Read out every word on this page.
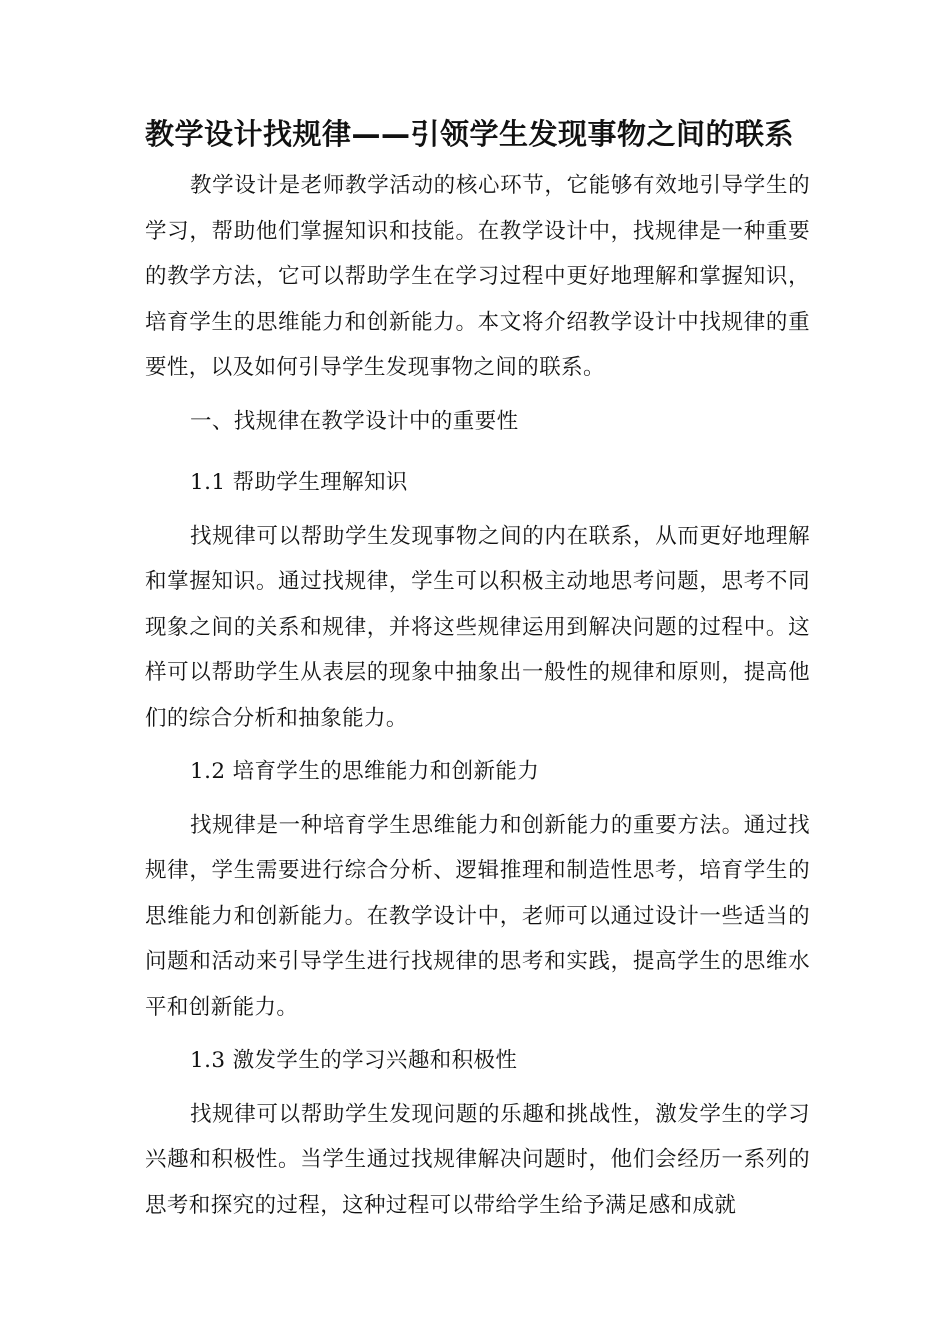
教学设计找规律——引领学生发现事物之间的联系

教学设计是老师教学活动的核心环节，它能够有效地引导学生的学习，帮助他们掌握知识和技能。在教学设计中，找规律是一种重要的教学方法，它可以帮助学生在学习过程中更好地理解和掌握知识，培育学生的思维能力和创新能力。本文将介绍教学设计中找规律的重要性，以及如何引导学生发现事物之间的联系。

一、找规律在教学设计中的重要性

1.1 帮助学生理解知识

找规律可以帮助学生发现事物之间的内在联系，从而更好地理解和掌握知识。通过找规律，学生可以积极主动地思考问题，思考不同现象之间的关系和规律，并将这些规律运用到解决问题的过程中。这样可以帮助学生从表层的现象中抽象出一般性的规律和原则，提高他们的综合分析和抽象能力。

1.2 培育学生的思维能力和创新能力

找规律是一种培育学生思维能力和创新能力的重要方法。通过找规律，学生需要进行综合分析、逻辑推理和制造性思考，培育学生的思维能力和创新能力。在教学设计中，老师可以通过设计一些适当的问题和活动来引导学生进行找规律的思考和实践，提高学生的思维水平和创新能力。

1.3 激发学生的学习兴趣和积极性

找规律可以帮助学生发现问题的乐趣和挑战性，激发学生的学习兴趣和积极性。当学生通过找规律解决问题时，他们会经历一系列的思考和探究的过程，这种过程可以带给学生给予满足感和成就
